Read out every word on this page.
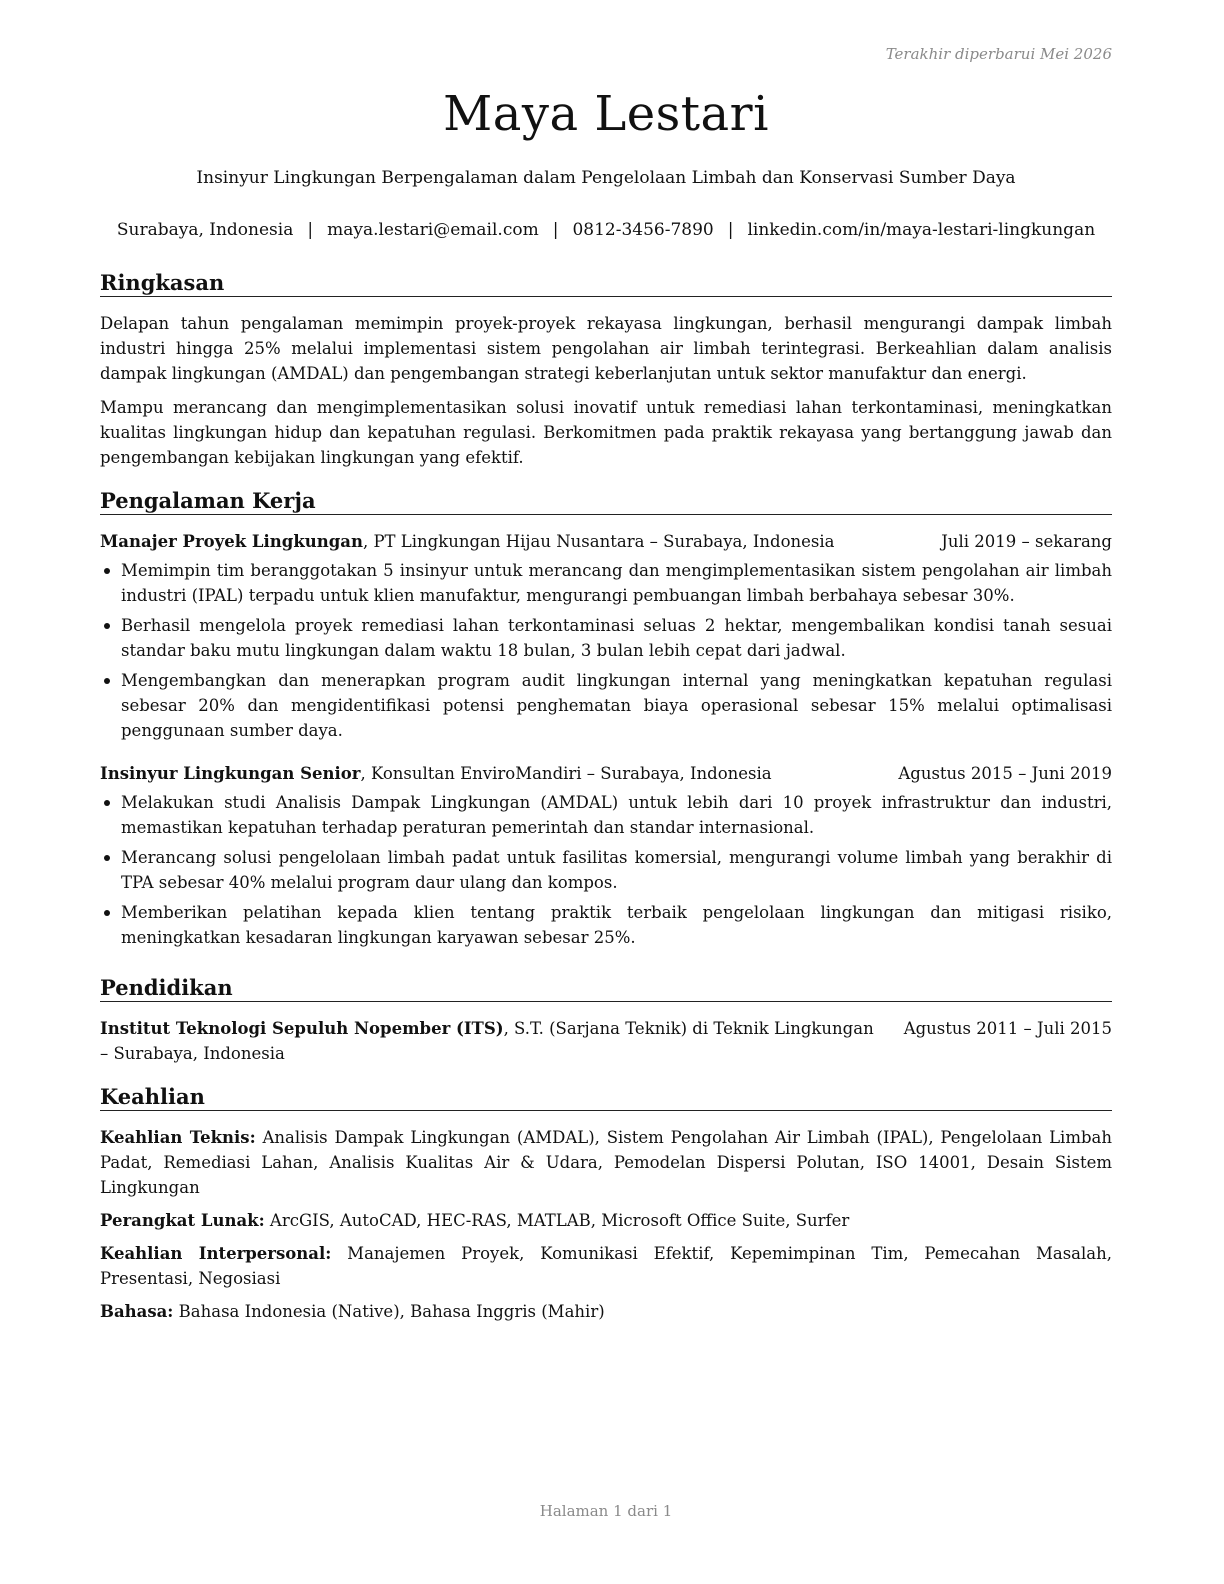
Terakhir diperbarui Mei 2026
Maya Lestari
Insinyur Lingkungan Berpengalaman dalam Pengelolaan Limbah dan Konservasi Sumber Daya
Surabaya, Indonesia | maya.lestari@email.com | 0812-3456-7890 | linkedin.com/in/maya-lestari-lingkungan
Ringkasan

Delapan tahun pengalaman memimpin proyek-proyek rekayasa lingkungan, berhasil mengurangi dampak limbah industri hingga 25% melalui implementasi sistem pengolahan air limbah terintegrasi. Berkeahlian dalam analisis dampak lingkungan (AMDAL) dan pengembangan strategi keberlanjutan untuk sektor manufaktur dan energi.

Mampu merancang dan mengimplementasikan solusi inovatif untuk remediasi lahan terkontaminasi, meningkatkan kualitas lingkungan hidup dan kepatuhan regulasi. Berkomitmen pada praktik rekayasa yang bertanggung jawab dan pengembangan kebijakan lingkungan yang efektif.

Pengalaman Kerja
Manajer Proyek Lingkungan, PT Lingkungan Hijau Nusantara – Surabaya, Indonesia	Juli 2019 – sekarang
Memimpin tim beranggotakan 5 insinyur untuk merancang dan mengimplementasikan sistem pengolahan air limbah industri (IPAL) terpadu untuk klien manufaktur, mengurangi pembuangan limbah berbahaya sebesar 30%.
Berhasil mengelola proyek remediasi lahan terkontaminasi seluas 2 hektar, mengembalikan kondisi tanah sesuai standar baku mutu lingkungan dalam waktu 18 bulan, 3 bulan lebih cepat dari jadwal.
Mengembangkan dan menerapkan program audit lingkungan internal yang meningkatkan kepatuhan regulasi sebesar 20% dan mengidentifikasi potensi penghematan biaya operasional sebesar 15% melalui optimalisasi penggunaan sumber daya.
Insinyur Lingkungan Senior, Konsultan EnviroMandiri – Surabaya, Indonesia	Agustus 2015 – Juni 2019
Melakukan studi Analisis Dampak Lingkungan (AMDAL) untuk lebih dari 10 proyek infrastruktur dan industri, memastikan kepatuhan terhadap peraturan pemerintah dan standar internasional.
Merancang solusi pengelolaan limbah padat untuk fasilitas komersial, mengurangi volume limbah yang berakhir di TPA sebesar 40% melalui program daur ulang dan kompos.
Memberikan pelatihan kepada klien tentang praktik terbaik pengelolaan lingkungan dan mitigasi risiko, meningkatkan kesadaran lingkungan karyawan sebesar 25%.
Pendidikan
Institut Teknologi Sepuluh Nopember (ITS), S.T. (Sarjana Teknik) di Teknik Lingkungan Agustus 2011 – Juli 2015
– Surabaya, Indonesia
Keahlian

Keahlian Teknis: Analisis Dampak Lingkungan (AMDAL), Sistem Pengolahan Air Limbah (IPAL), Pengelolaan Limbah Padat, Remediasi Lahan, Analisis Kualitas Air & Udara, Pemodelan Dispersi Polutan, ISO 14001, Desain Sistem Lingkungan

Perangkat Lunak: ArcGIS, AutoCAD, HEC-RAS, MATLAB, Microsoft Office Suite, Surfer

Keahlian Interpersonal: Manajemen Proyek, Komunikasi Efektif, Kepemimpinan Tim, Pemecahan Masalah, Presentasi, Negosiasi

Bahasa: Bahasa Indonesia (Native), Bahasa Inggris (Mahir)

Halaman 1 dari 1
